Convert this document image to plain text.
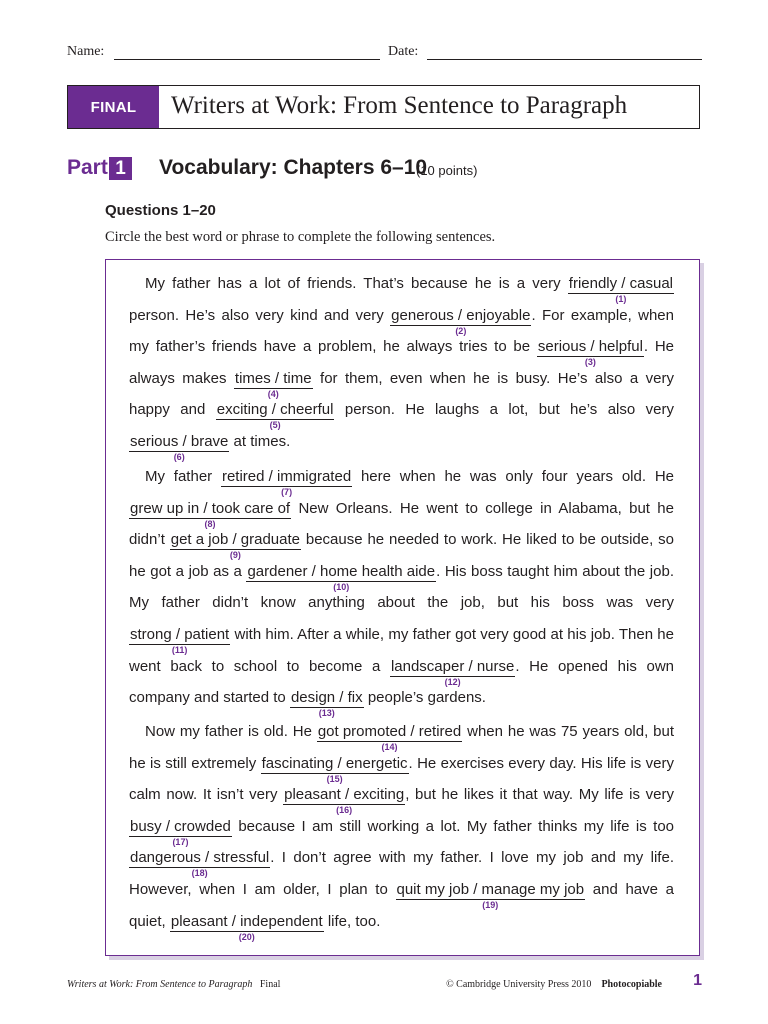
Name:	Date:
FINAL	Writers at Work: From Sentence to Paragraph
Part 1 Vocabulary: Chapters 6–10
(10 points)
Questions 1–20
Circle the best word or phrase to complete the following sentences.
My father has a lot of friends. That’s because he is a very friendly / casual
(1)
person. He’s also very kind and very generous / enjoyable
(2)
. For example, when my father’s friends have a problem, he always tries to be serious / helpful
(3)
. He always makes times / time
(4)
for them, even when he is busy. He’s also a very happy and exciting / cheerful
(5)
person. He laughs a lot, but he’s also very serious / brave
(6)
at times.
My father retired / immigrated
(7)
here when he was only four years old. He grew up in / took care of
(8)
New Orleans. He went to college in Alabama, but he didn’t get a job / graduate
(9)
because he needed to work. He liked to be outside, so he got a job as a gardener / home health aide
(10)
. His boss taught him about the job. My father didn’t know anything about the job, but his boss was very strong / patient
(11)
with him. After a while, my father got very good at his job. Then he went back to school to become a landscaper / nurse
(12)
. He opened his own company and started to design / fix
(13)
people’s gardens.
Now my father is old. He got promoted / retired
(14)
when he was 75 years old, but he is still extremely fascinating / energetic
(15)
. He exercises every day. His life is very calm now. It isn’t very pleasant / exciting
(16)
, but he likes it that way. My life is very busy / crowded
(17)
because I am still working a lot. My father thinks my life is too dangerous / stressful
(18)
. I don’t agree with my father. I love my job and my life. However, when I am older, I plan to quit my job / manage my job
(19)
and have a quiet, pleasant / independent
(20)
life, too.
Writers at Work: From Sentence to Paragraph Final	© Cambridge University Press 2010 Photocopiable 1
